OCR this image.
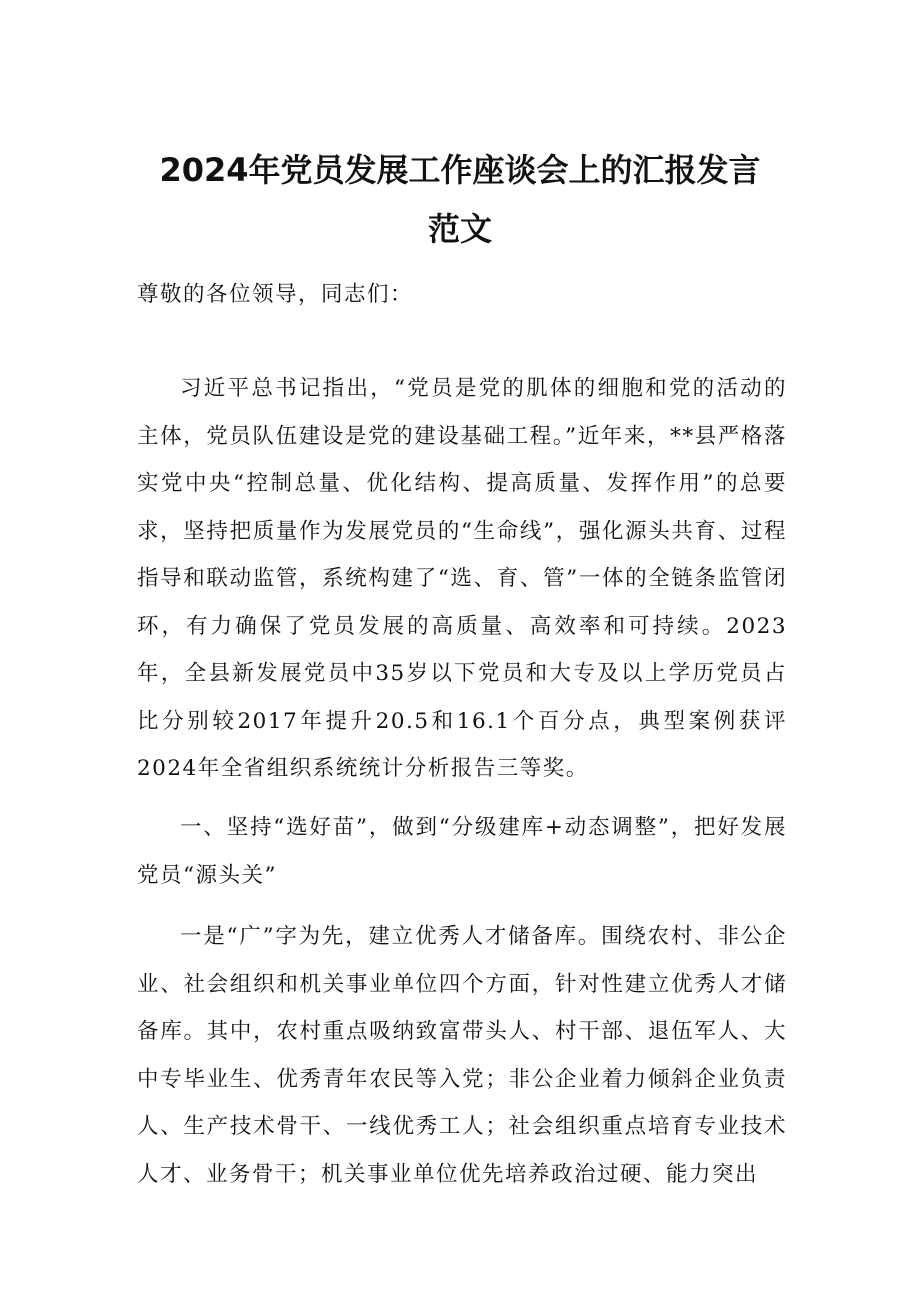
2024年党员发展工作座谈会上的汇报发言
范文

尊敬的各位领导，同志们：

习近平总书记指出，“党员是党的肌体的细胞和党的活动的主体，党员队伍建设是党的建设基础工程。”近年来，**县严格落实党中央“控制总量、优化结构、提高质量、发挥作用”的总要求，坚持把质量作为发展党员的“生命线”，强化源头共育、过程指导和联动监管，系统构建了“选、育、管”一体的全链条监管闭环，有力确保了党员发展的高质量、高效率和可持续。2023年，全县新发展党员中35岁以下党员和大专及以上学历党员占比分别较2017年提升20.5和16.1个百分点，典型案例获评2024年全省组织系统统计分析报告三等奖。

一、坚持“选好苗”，做到“分级建库+动态调整”，把好发展党员“源头关”

一是“广”字为先，建立优秀人才储备库。围绕农村、非公企业、社会组织和机关事业单位四个方面，针对性建立优秀人才储备库。其中，农村重点吸纳致富带头人、村干部、退伍军人、大中专毕业生、优秀青年农民等入党；非公企业着力倾斜企业负责人、生产技术骨干、一线优秀工人；社会组织重点培育专业技术人才、业务骨干；机关事业单位优先培养政治过硬、能力突出
